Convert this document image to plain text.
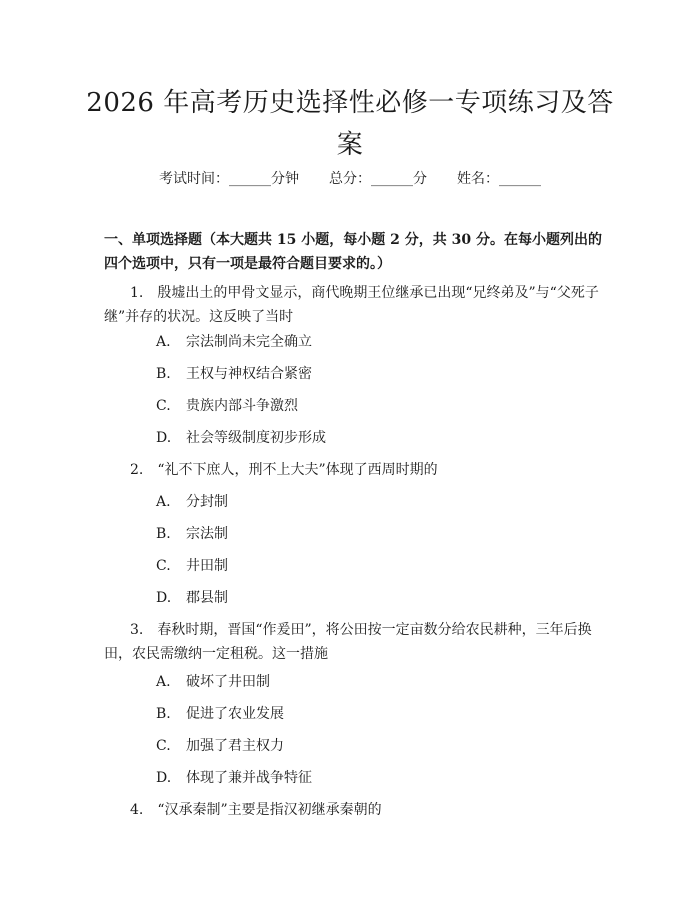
2026 年高考历史选择性必修一专项练习及答案
考试时间：______分钟 总分：______分 姓名：______
一、单项选择题（本大题共 15 小题，每小题 2 分，共 30 分。在每小题列出的四个选项中，只有一项是最符合题目要求的。）
1.　殷墟出土的甲骨文显示，商代晚期王位继承已出现“兄终弟及”与“父死子继”并存的状况。这反映了当时
A. 宗法制尚未完全确立
B. 王权与神权结合紧密
C. 贵族内部斗争激烈
D. 社会等级制度初步形成
2.　“礼不下庶人，刑不上大夫”体现了西周时期的
A. 分封制
B. 宗法制
C. 井田制
D. 郡县制
3.　春秋时期，晋国“作爰田”，将公田按一定亩数分给农民耕种，三年后换田，农民需缴纳一定租税。这一措施
A. 破坏了井田制
B. 促进了农业发展
C. 加强了君主权力
D. 体现了兼并战争特征
4.　“汉承秦制”主要是指汉初继承秦朝的
